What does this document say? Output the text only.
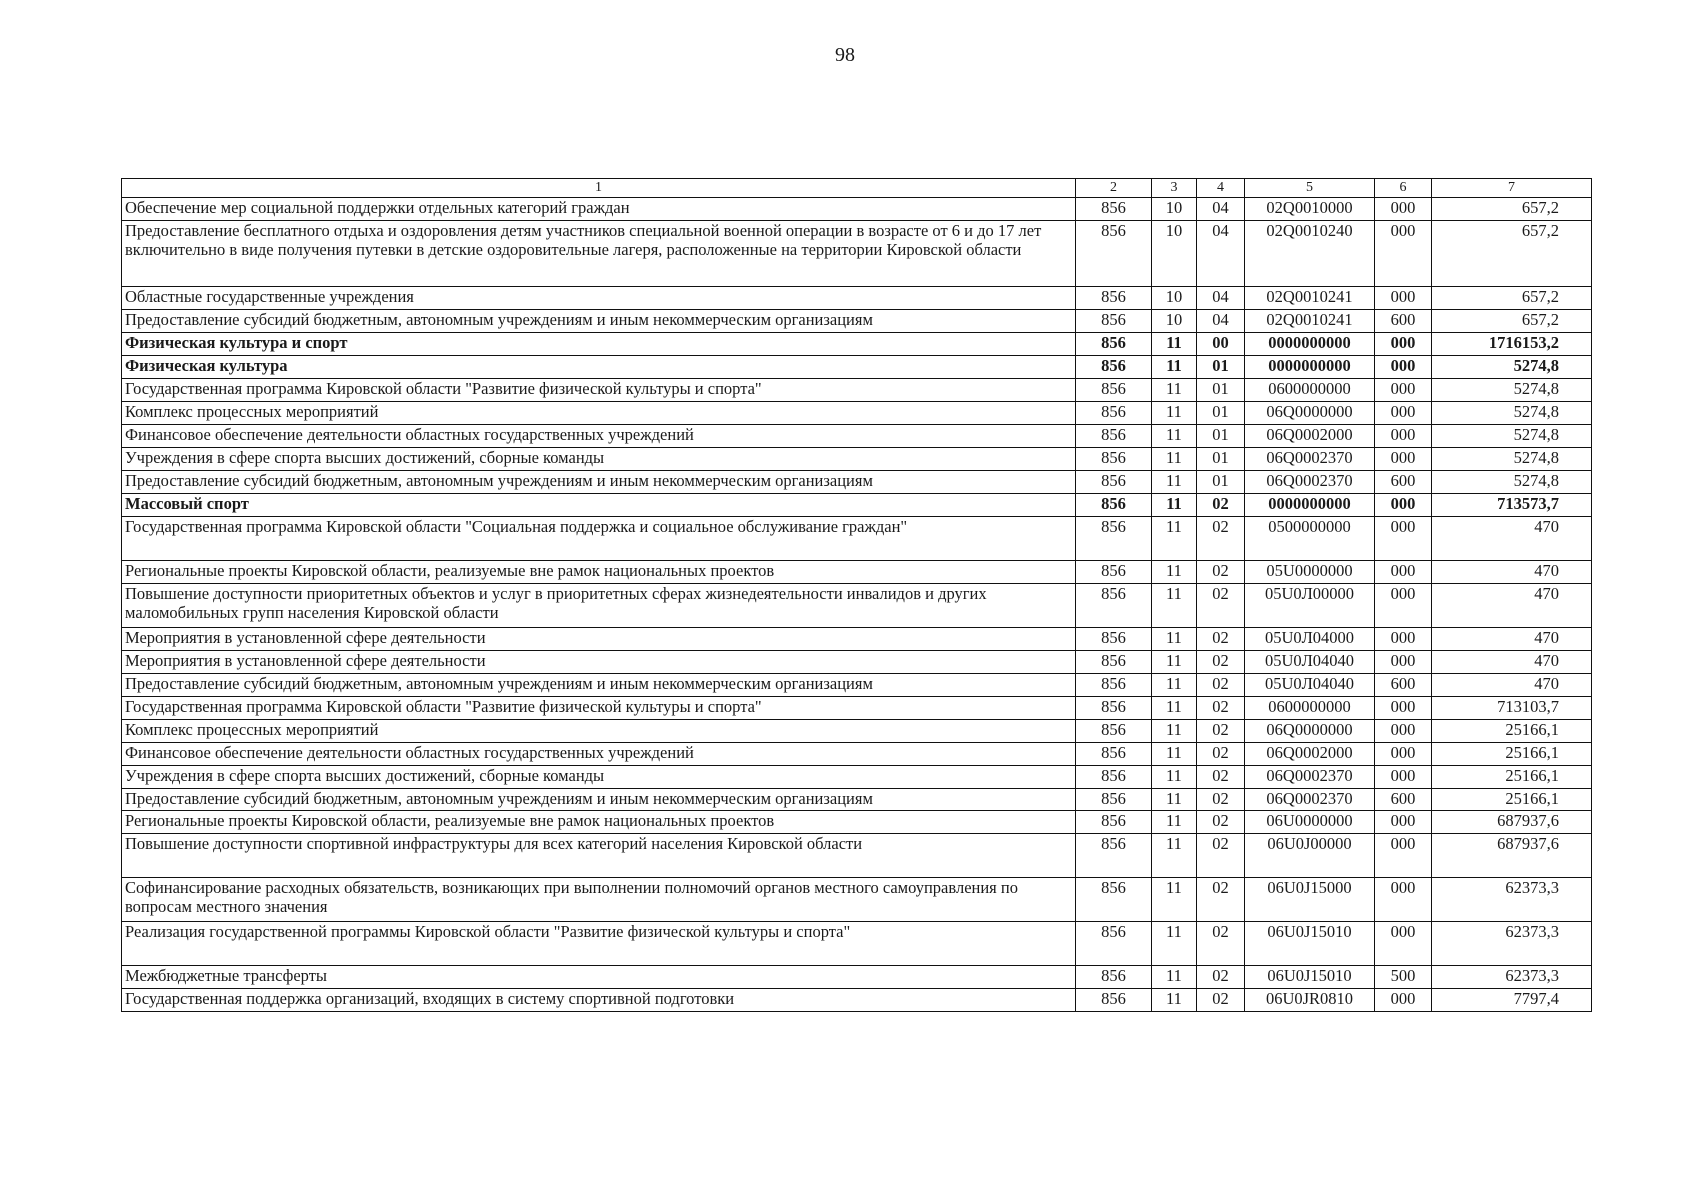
98
1	2	3	4	5	6	7
Обеспечение мер социальной поддержки отдельных категорий граждан	856	10	04	02Q0010000	000	657,2
Предоставление бесплатного отдыха и оздоровления детям участников специальной военной операции в возрасте от 6 и до 17 лет включительно в виде получения путевки в детские оздоровительные лагеря, расположенные на территории Кировской области	856	10	04	02Q0010240	000	657,2
Областные государственные учреждения	856	10	04	02Q0010241	000	657,2
Предоставление субсидий бюджетным, автономным учреждениям и иным некоммерческим организациям	856	10	04	02Q0010241	600	657,2
Физическая культура и спорт	856	11	00	0000000000	000	1716153,2
Физическая культура	856	11	01	0000000000	000	5274,8
Государственная программа Кировской области "Развитие физической культуры и спорта"	856	11	01	0600000000	000	5274,8
Комплекс процессных мероприятий	856	11	01	06Q0000000	000	5274,8
Финансовое обеспечение деятельности областных государственных учреждений	856	11	01	06Q0002000	000	5274,8
Учреждения в сфере спорта высших достижений, сборные команды	856	11	01	06Q0002370	000	5274,8
Предоставление субсидий бюджетным, автономным учреждениям и иным некоммерческим организациям	856	11	01	06Q0002370	600	5274,8
Массовый спорт	856	11	02	0000000000	000	713573,7
Государственная программа Кировской области "Социальная поддержка и социальное обслуживание граждан"	856	11	02	0500000000	000	470
Региональные проекты Кировской области, реализуемые вне рамок национальных проектов	856	11	02	05U0000000	000	470
Повышение доступности приоритетных объектов и услуг в приоритетных сферах жизнедеятельности инвалидов и других маломобильных групп населения Кировской области	856	11	02	05U0Л00000	000	470
Мероприятия в установленной сфере деятельности	856	11	02	05U0Л04000	000	470
Мероприятия в установленной сфере деятельности	856	11	02	05U0Л04040	000	470
Предоставление субсидий бюджетным, автономным учреждениям и иным некоммерческим организациям	856	11	02	05U0Л04040	600	470
Государственная программа Кировской области "Развитие физической культуры и спорта"	856	11	02	0600000000	000	713103,7
Комплекс процессных мероприятий	856	11	02	06Q0000000	000	25166,1
Финансовое обеспечение деятельности областных государственных учреждений	856	11	02	06Q0002000	000	25166,1
Учреждения в сфере спорта высших достижений, сборные команды	856	11	02	06Q0002370	000	25166,1
Предоставление субсидий бюджетным, автономным учреждениям и иным некоммерческим организациям	856	11	02	06Q0002370	600	25166,1
Региональные проекты Кировской области, реализуемые вне рамок национальных проектов	856	11	02	06U0000000	000	687937,6
Повышение доступности спортивной инфраструктуры для всех категорий населения Кировской области	856	11	02	06U0J00000	000	687937,6
Софинансирование расходных обязательств, возникающих при выполнении полномочий органов местного самоуправления по вопросам местного значения	856	11	02	06U0J15000	000	62373,3
Реализация государственной программы Кировской области "Развитие физической культуры и спорта"	856	11	02	06U0J15010	000	62373,3
Межбюджетные трансферты	856	11	02	06U0J15010	500	62373,3
Государственная поддержка организаций, входящих в систему спортивной подготовки	856	11	02	06U0JR0810	000	7797,4
